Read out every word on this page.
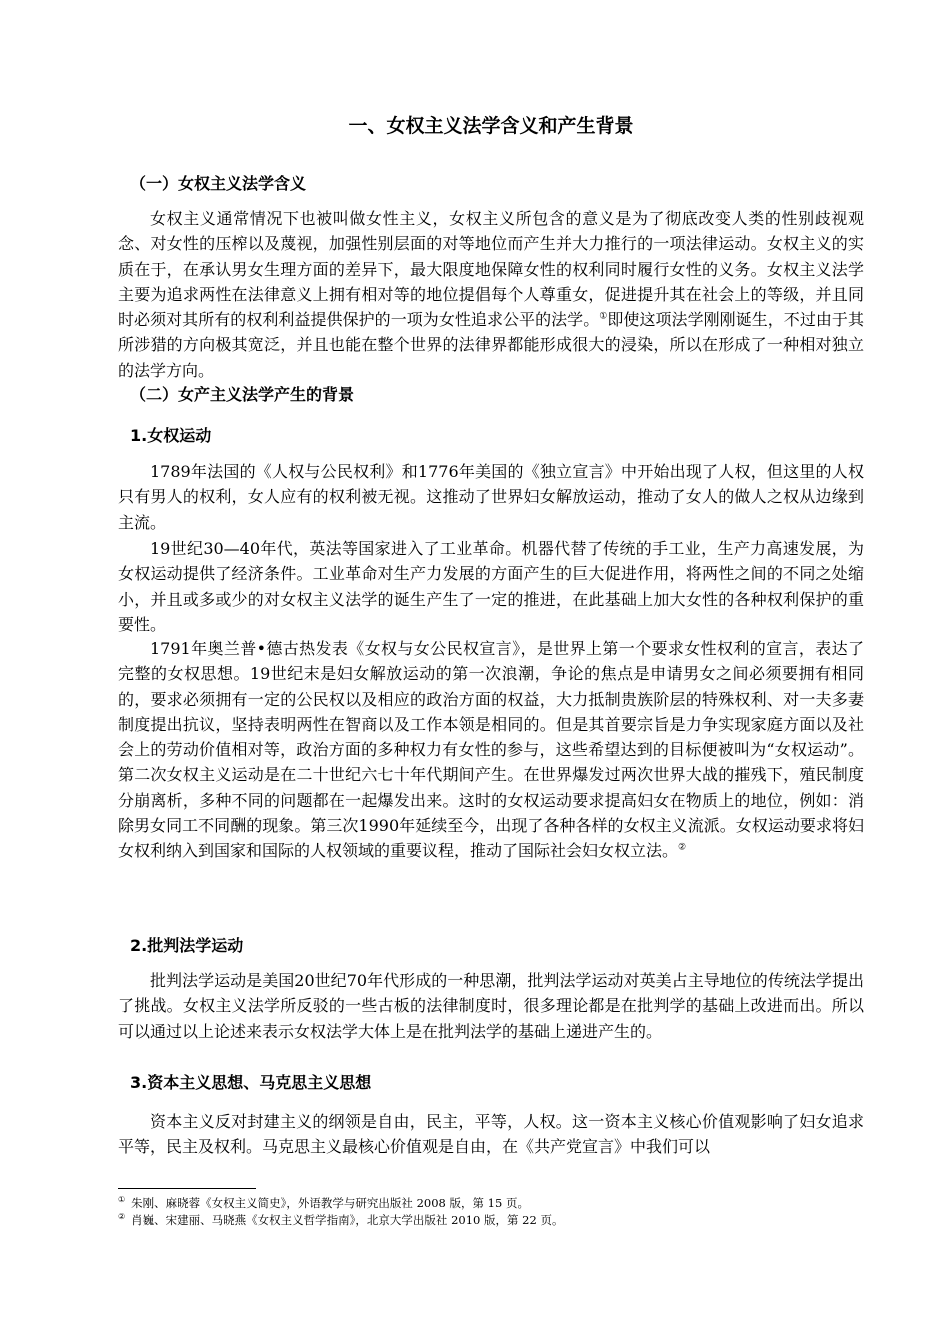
一、女权主义法学含义和产生背景
（一）女权主义法学含义

女权主义通常情况下也被叫做女性主义，女权主义所包含的意义是为了彻底改变人类的性别歧视观念、对女性的压榨以及蔑视，加强性别层面的对等地位而产生并大力推行的一项法律运动。女权主义的实质在于，在承认男女生理方面的差异下，最大限度地保障女性的权利同时履行女性的义务。女权主义法学主要为追求两性在法律意义上拥有相对等的地位提倡每个人尊重女，促进提升其在社会上的等级，并且同时必须对其所有的权利利益提供保护的一项为女性追求公平的法学。①即使这项法学刚刚诞生，不过由于其所涉猎的方向极其宽泛，并且也能在整个世界的法律界都能形成很大的浸染，所以在形成了一种相对独立的法学方向。

（二）女产主义法学产生的背景
1.女权运动

1789年法国的《人权与公民权利》和1776年美国的《独立宣言》中开始出现了人权，但这里的人权只有男人的权利，女人应有的权利被无视。这推动了世界妇女解放运动，推动了女人的做人之权从边缘到主流。

19世纪30—40年代，英法等国家进入了工业革命。机器代替了传统的手工业，生产力高速发展，为女权运动提供了经济条件。工业革命对生产力发展的方面产生的巨大促进作用，将两性之间的不同之处缩小，并且或多或少的对女权主义法学的诞生产生了一定的推进，在此基础上加大女性的各种权利保护的重要性。

1791年奥兰普•德古热发表《女权与女公民权宣言》，是世界上第一个要求女性权利的宣言，表达了完整的女权思想。19世纪末是妇女解放运动的第一次浪潮，争论的焦点是申请男女之间必须要拥有相同的，要求必须拥有一定的公民权以及相应的政治方面的权益，大力抵制贵族阶层的特殊权利、对一夫多妻制度提出抗议，坚持表明两性在智商以及工作本领是相同的。但是其首要宗旨是力争实现家庭方面以及社会上的劳动价值相对等，政治方面的多种权力有女性的参与，这些希望达到的目标便被叫为“女权运动”。第二次女权主义运动是在二十世纪六七十年代期间产生。在世界爆发过两次世界大战的摧残下，殖民制度分崩离析，多种不同的问题都在一起爆发出来。这时的女权运动要求提高妇女在物质上的地位，例如：消除男女同工不同酬的现象。第三次1990年延续至今，出现了各种各样的女权主义流派。女权运动要求将妇女权利纳入到国家和国际的人权领域的重要议程，推动了国际社会妇女权立法。②

2.批判法学运动

批判法学运动是美国20世纪70年代形成的一种思潮，批判法学运动对英美占主导地位的传统法学提出了挑战。女权主义法学所反驳的一些古板的法律制度时，很多理论都是在批判学的基础上改进而出。所以可以通过以上论述来表示女权法学大体上是在批判法学的基础上递进产生的。

3.资本主义思想、马克思主义思想

资本主义反对封建主义的纲领是自由，民主，平等，人权。这一资本主义核心价值观影响了妇女追求平等，民主及权利。马克思主义最核心价值观是自由，在《共产党宣言》中我们可以

① 朱刚、麻晓蓉《女权主义简史》，外语教学与研究出版社 2008 版，第 15 页。

② 肖巍、宋建丽、马晓燕《女权主义哲学指南》，北京大学出版社 2010 版，第 22 页。
